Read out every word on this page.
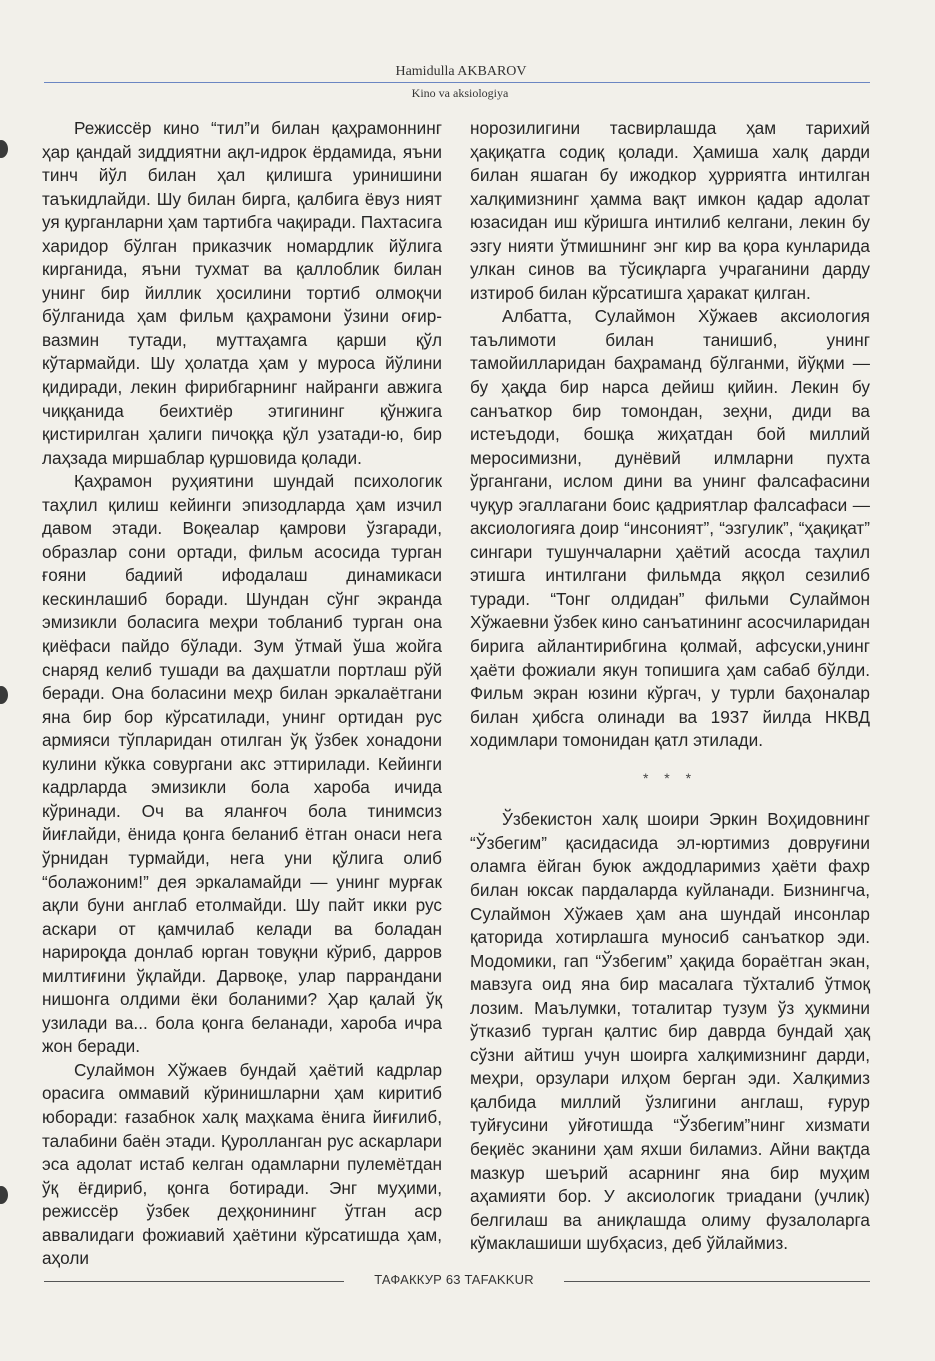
Hamidulla AKBAROV
Kino va aksiologiya

Режиссёр кино “тил”и билан қаҳрамоннинг ҳар қандай зиддиятни ақл-идрок ёрдамида, яъни тинч йўл билан ҳал қилишга уринишини таъкидлайди. Шу билан бирга, қалбига ёвуз ният уя қурганларни ҳам тартибга чақиради. Пахтасига харидор бўлган приказчик номардлик йўлига кирганида, яъни тухмат ва қаллоблик билан унинг бир йиллик ҳосилини тортиб олмоқчи бўлганида ҳам фильм қаҳрамони ўзини оғир-вазмин тутади, муттаҳамга қарши қўл кўтармайди. Шу ҳолатда ҳам у муроса йўлини қидиради, лекин фирибгарнинг найранги авжига чиққанида беихтиёр этигининг қўнжига қистирилган ҳалиги пичоққа қўл узатади-ю, бир лаҳзада миршаблар қуршовида қолади.

Қаҳрамон руҳиятини шундай психологик таҳлил қилиш кейинги эпизодларда ҳам изчил давом этади. Воқеалар қамрови ўзгаради, образлар сони ортади, фильм асосида турган ғояни бадиий ифодалаш динамикаси кескинлашиб боради. Шундан сўнг экранда эмизикли боласига меҳри тобланиб турган она қиёфаси пайдо бўлади. Зум ўтмай ўша жойга снаряд келиб тушади ва даҳшатли портлаш рўй беради. Она боласини меҳр билан эркалаётгани яна бир бор кўрсатилади, унинг ортидан рус армияси тўпларидан отилган ўқ ўзбек хонадони кулини кўкка совургани акс эттирилади. Кейинги кадрларда эмизикли бола хароба ичида кўринади. Оч ва яланғоч бола тинимсиз йиғлайди, ёнида қонга беланиб ётган онаси нега ўрнидан турмайди, нега уни қўлига олиб “болажоним!” дея эркаламайди — унинг мурғак ақли буни англаб етолмайди. Шу пайт икки рус аскари от қамчилаб келади ва боладан нарироқда донлаб юрган товуқни кўриб, дарров милтиғини ўқлайди. Дарвоқе, улар паррандани нишонга олдими ёки боланими? Ҳар қалай ўқ узилади ва... бола қонга беланади, хароба ичра жон беради.

Сулаймон Хўжаев бундай ҳаётий кадрлар орасига оммавий кўринишларни ҳам киритиб юборади: ғазабнок халқ маҳкама ёнига йиғилиб, талабини баён этади. Қуролланган рус аскарлари эса адолат истаб келган одамларни пулемётдан ўқ ёғдириб, қонга ботиради. Энг муҳими, режиссёр ўзбек деҳқонининг ўтган аср аввалидаги фожиавий ҳаётини кўрсатишда ҳам, аҳоли

норозилигини тасвирлашда ҳам тарихий ҳақиқатга содиқ қолади. Ҳамиша халқ дарди билан яшаган бу ижодкор ҳурриятга интилган халқимизнинг ҳамма вақт имкон қадар адолат юзасидан иш кўришга интилиб келгани, лекин бу эзгу нияти ўтмишнинг энг кир ва қора кунларида улкан синов ва тўсиқларга учраганини дарду изтироб билан кўрсатишга ҳаракат қилган.

Албатта, Сулаймон Хўжаев аксиология таълимоти билан танишиб, унинг тамойилларидан баҳраманд бўлганми, йўқми — бу ҳақда бир нарса дейиш қийин. Лекин бу санъаткор бир томондан, зеҳни, диди ва истеъдоди, бошқа жиҳатдан бой миллий меросимизни, дунёвий илмларни пухта ўргангани, ислом дини ва унинг фалсафасини чуқур эгаллагани боис қадриятлар фалсафаси — аксиологияга доир “инсоният”, “эзгулик”, “ҳақиқат” сингари тушунчаларни ҳаётий асосда таҳлил этишга интилгани фильмда яққол сезилиб туради. “Тонг олдидан” фильми Сулаймон Хўжаевни ўзбек кино санъатининг асосчиларидан бирига айлантирибгина қолмай, афсуски,унинг ҳаёти фожиали якун топишига ҳам сабаб бўлди. Фильм экран юзини кўргач, у турли баҳоналар билан ҳибсга олинади ва 1937 йилда НКВД ходимлари томонидан қатл этилади.

* * *

Ўзбекистон халқ шоири Эркин Воҳидовнинг “Ўзбегим” қасидасида эл-юртимиз довруғини оламга ёйган буюк аждодларимиз ҳаёти фахр билан юксак пардаларда куйланади. Бизнингча, Сулаймон Хўжаев ҳам ана шундай инсонлар қаторида хотирлашга муносиб санъаткор эди. Модомики, гап “Ўзбегим” ҳақида бораётган экан, мавзуга оид яна бир масалага тўхталиб ўтмоқ лозим. Маълумки, тоталитар тузум ўз ҳукмини ўтказиб турган қалтис бир даврда бундай ҳақ сўзни айтиш учун шоирга халқимизнинг дарди, меҳри, орзулари илҳом берган эди. Халқимиз қалбида миллий ўзлигини англаш, ғурур туйғусини уйғотишда “Ўзбегим”нинг хизмати беқиёс эканини ҳам яхши биламиз. Айни вақтда мазкур шеърий асарнинг яна бир муҳим аҳамияти бор. У аксиологик триадани (учлик) белгилаш ва аниқлашда олиму фузалоларга кўмаклашиши шубҳасиз, деб ўйлаймиз.

ТАФАККУР 63 TAFAKKUR
